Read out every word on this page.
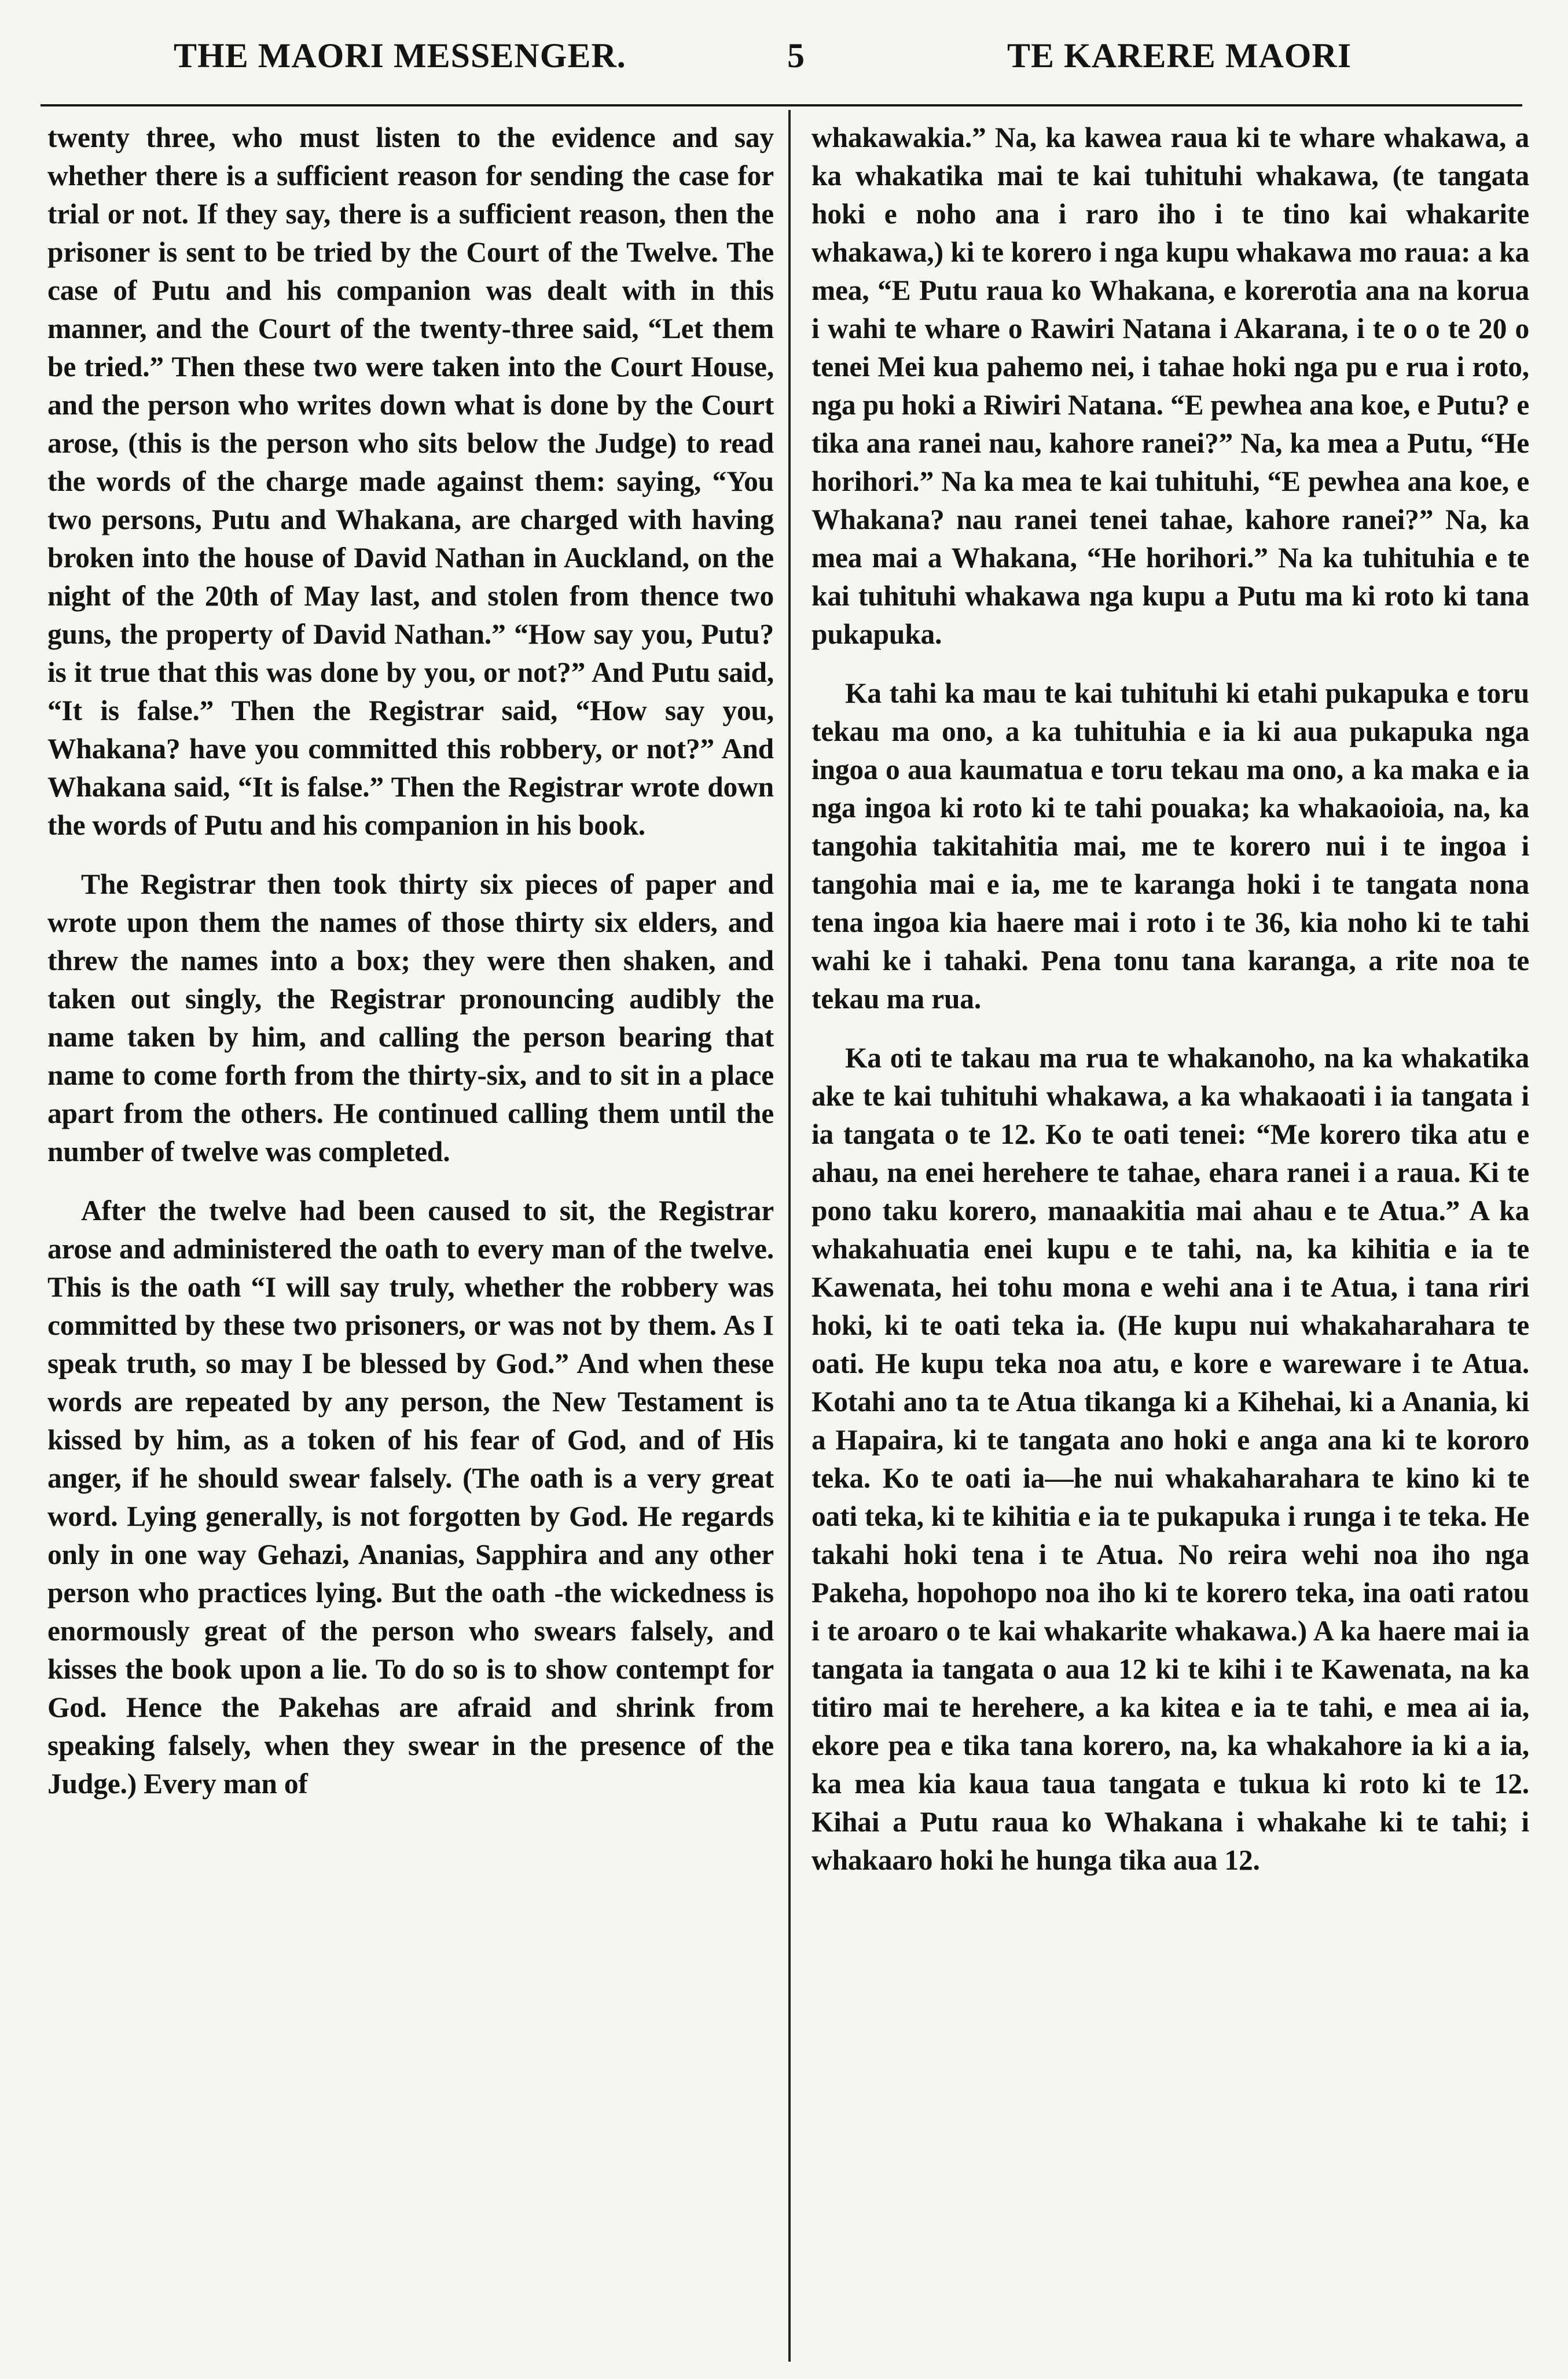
THE MAORI MESSENGER.	5	TE KARERE MAORI

twenty three, who must listen to the evidence and say whether there is a sufficient reason for sending the case for trial or not. If they say, there is a sufficient reason, then the prisoner is sent to be tried by the Court of the Twelve. The case of Putu and his companion was dealt with in this manner, and the Court of the twenty-three said, “Let them be tried.” Then these two were taken into the Court House, and the person who writes down what is done by the Court arose, (this is the person who sits below the Judge) to read the words of the charge made against them: saying, “You two persons, Putu and Whakana, are charged with having broken into the house of David Nathan in Auckland, on the night of the 20th of May last, and stolen from thence two guns, the property of David Nathan.” “How say you, Putu? is it true that this was done by you, or not?” And Putu said, “It is false.” Then the Registrar said, “How say you, Whakana? have you committed this robbery, or not?” And Whakana said, “It is false.” Then the Registrar wrote down the words of Putu and his companion in his book.

The Registrar then took thirty six pieces of paper and wrote upon them the names of those thirty six elders, and threw the names into a box; they were then shaken, and taken out singly, the Registrar pronouncing audibly the name taken by him, and calling the person bearing that name to come forth from the thirty-six, and to sit in a place apart from the others. He continued calling them until the number of twelve was completed.

After the twelve had been caused to sit, the Registrar arose and administered the oath to every man of the twelve. This is the oath “I will say truly, whether the robbery was committed by these two prisoners, or was not by them. As I speak truth, so may I be blessed by God.” And when these words are repeated by any person, the New Testament is kissed by him, as a token of his fear of God, and of His anger, if he should swear falsely. (The oath is a very great word. Lying generally, is not forgotten by God. He regards only in one way Gehazi, Ananias, Sapphira and any other person who practices lying. But the oath -the wickedness is enormously great of the person who swears falsely, and kisses the book upon a lie. To do so is to show contempt for God. Hence the Pakehas are afraid and shrink from speaking falsely, when they swear in the presence of the Judge.) Every man of

whakawakia.” Na, ka kawea raua ki te whare whakawa, a ka whakatika mai te kai tuhituhi whakawa, (te tangata hoki e noho ana i raro iho i te tino kai whakarite whakawa,) ki te korero i nga kupu whakawa mo raua: a ka mea, “E Putu raua ko Whakana, e korerotia ana na korua i wahi te whare o Rawiri Natana i Akarana, i te o o te 20 o tenei Mei kua pahemo nei, i tahae hoki nga pu e rua i roto, nga pu hoki a Riwiri Natana. “E pewhea ana koe, e Putu? e tika ana ranei nau, kahore ranei?” Na, ka mea a Putu, “He horihori.” Na ka mea te kai tuhituhi, “E pewhea ana koe, e Whakana? nau ranei tenei tahae, kahore ranei?” Na, ka mea mai a Whakana, “He horihori.” Na ka tuhituhia e te kai tuhituhi whakawa nga kupu a Putu ma ki roto ki tana pukapuka.

Ka tahi ka mau te kai tuhituhi ki etahi pukapuka e toru tekau ma ono, a ka tuhituhia e ia ki aua pukapuka nga ingoa o aua kaumatua e toru tekau ma ono, a ka maka e ia nga ingoa ki roto ki te tahi pouaka; ka whakaoioia, na, ka tangohia takitahitia mai, me te korero nui i te ingoa i tangohia mai e ia, me te karanga hoki i te tangata nona tena ingoa kia haere mai i roto i te 36, kia noho ki te tahi wahi ke i tahaki. Pena tonu tana karanga, a rite noa te tekau ma rua.

Ka oti te takau ma rua te whakanoho, na ka whakatika ake te kai tuhituhi whakawa, a ka whakaoati i ia tangata i ia tangata o te 12. Ko te oati tenei: “Me korero tika atu e ahau, na enei herehere te tahae, ehara ranei i a raua. Ki te pono taku korero, manaakitia mai ahau e te Atua.” A ka whakahuatia enei kupu e te tahi, na, ka kihitia e ia te Kawenata, hei tohu mona e wehi ana i te Atua, i tana riri hoki, ki te oati teka ia. (He kupu nui whakaharahara te oati. He kupu teka noa atu, e kore e wareware i te Atua. Kotahi ano ta te Atua tikanga ki a Kihehai, ki a Anania, ki a Hapaira, ki te tangata ano hoki e anga ana ki te kororo teka. Ko te oati ia—he nui whakaharahara te kino ki te oati teka, ki te kihitia e ia te pukapuka i runga i te teka. He takahi hoki tena i te Atua. No reira wehi noa iho nga Pakeha, hopohopo noa iho ki te korero teka, ina oati ratou i te aroaro o te kai whakarite whakawa.) A ka haere mai ia tangata ia tangata o aua 12 ki te kihi i te Kawenata, na ka titiro mai te herehere, a ka kitea e ia te tahi, e mea ai ia, ekore pea e tika tana korero, na, ka whakahore ia ki a ia, ka mea kia kaua taua tangata e tukua ki roto ki te 12. Kihai a Putu raua ko Whakana i whakahe ki te tahi; i whakaaro hoki he hunga tika aua 12.
